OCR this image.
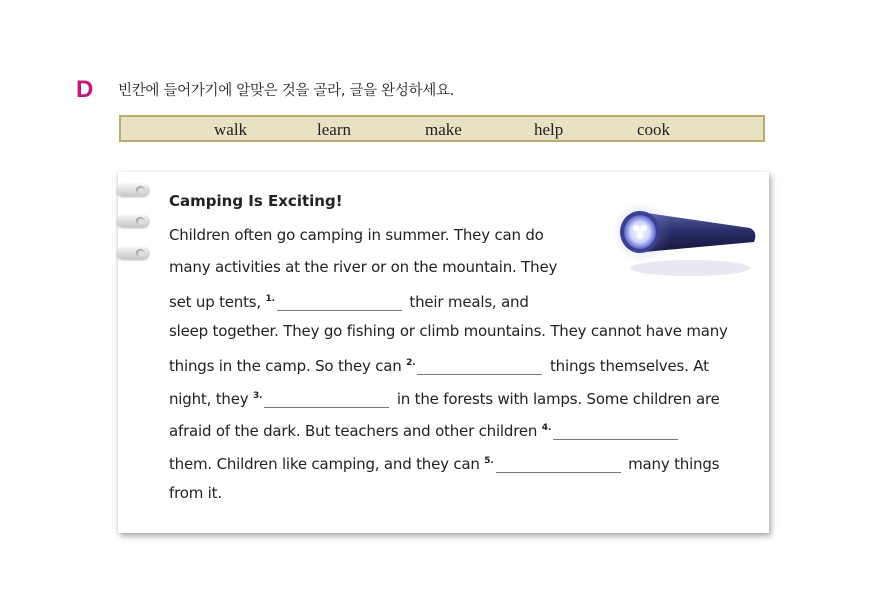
D 빈칸에 들어가기에 알맞은 것을 골라, 글을 완성하세요.
walk	learn	make	help	cook
Camping Is Exciting!
Children often go camping in summer. They can do
many activities at the river or on the mountain. They
set up tents, $^{1.}$	their meals, and
sleep together. They go fishing or climb mountains. They cannot have many
things in the camp. So they can $^{2.}$	things themselves. At
night, they $^{3.}$	in the forests with lamps. Some children are
afraid of the dark. But teachers and other children $^{4.}$
them. Children like camping, and they can $^{5.}$	many things
from it.
